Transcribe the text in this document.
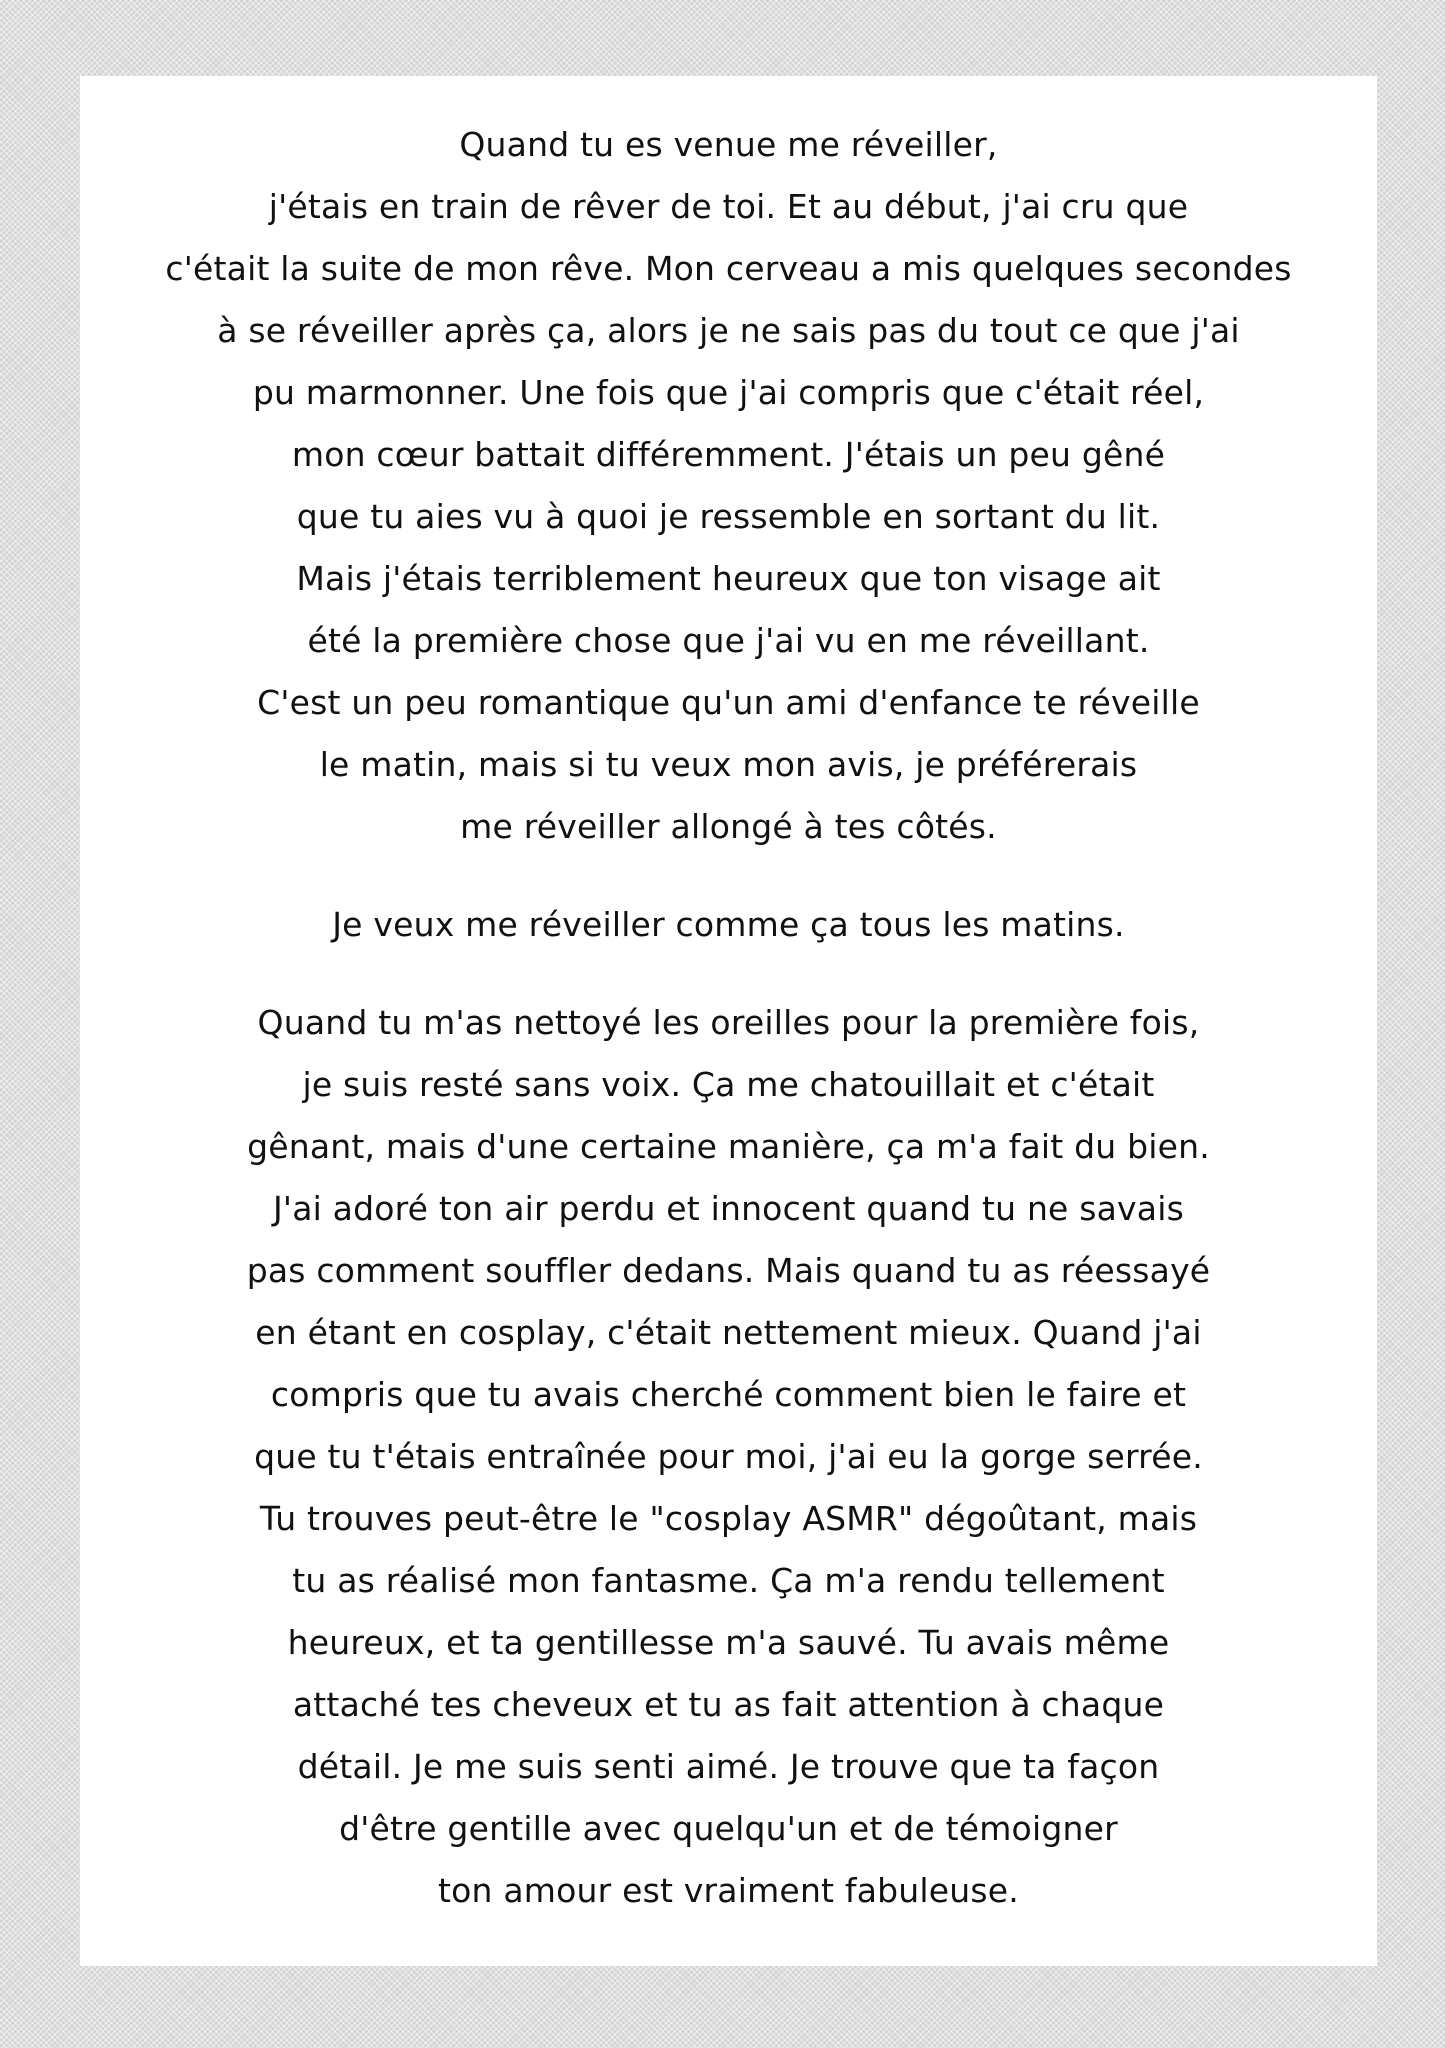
Quand tu es venue me réveiller,
j'étais en train de rêver de toi. Et au début, j'ai cru que
c'était la suite de mon rêve. Mon cerveau a mis quelques secondes
à se réveiller après ça, alors je ne sais pas du tout ce que j'ai
pu marmonner. Une fois que j'ai compris que c'était réel,
mon cœur battait différemment. J'étais un peu gêné
que tu aies vu à quoi je ressemble en sortant du lit.
Mais j'étais terriblement heureux que ton visage ait
été la première chose que j'ai vu en me réveillant.
C'est un peu romantique qu'un ami d'enfance te réveille
le matin, mais si tu veux mon avis, je préférerais
me réveiller allongé à tes côtés.
Je veux me réveiller comme ça tous les matins.
Quand tu m'as nettoyé les oreilles pour la première fois,
je suis resté sans voix. Ça me chatouillait et c'était
gênant, mais d'une certaine manière, ça m'a fait du bien.
J'ai adoré ton air perdu et innocent quand tu ne savais
pas comment souffler dedans. Mais quand tu as réessayé
en étant en cosplay, c'était nettement mieux. Quand j'ai
compris que tu avais cherché comment bien le faire et
que tu t'étais entraînée pour moi, j'ai eu la gorge serrée.
Tu trouves peut-être le "cosplay ASMR" dégoûtant, mais
tu as réalisé mon fantasme. Ça m'a rendu tellement
heureux, et ta gentillesse m'a sauvé. Tu avais même
attaché tes cheveux et tu as fait attention à chaque
détail. Je me suis senti aimé. Je trouve que ta façon
d'être gentille avec quelqu'un et de témoigner
ton amour est vraiment fabuleuse.
